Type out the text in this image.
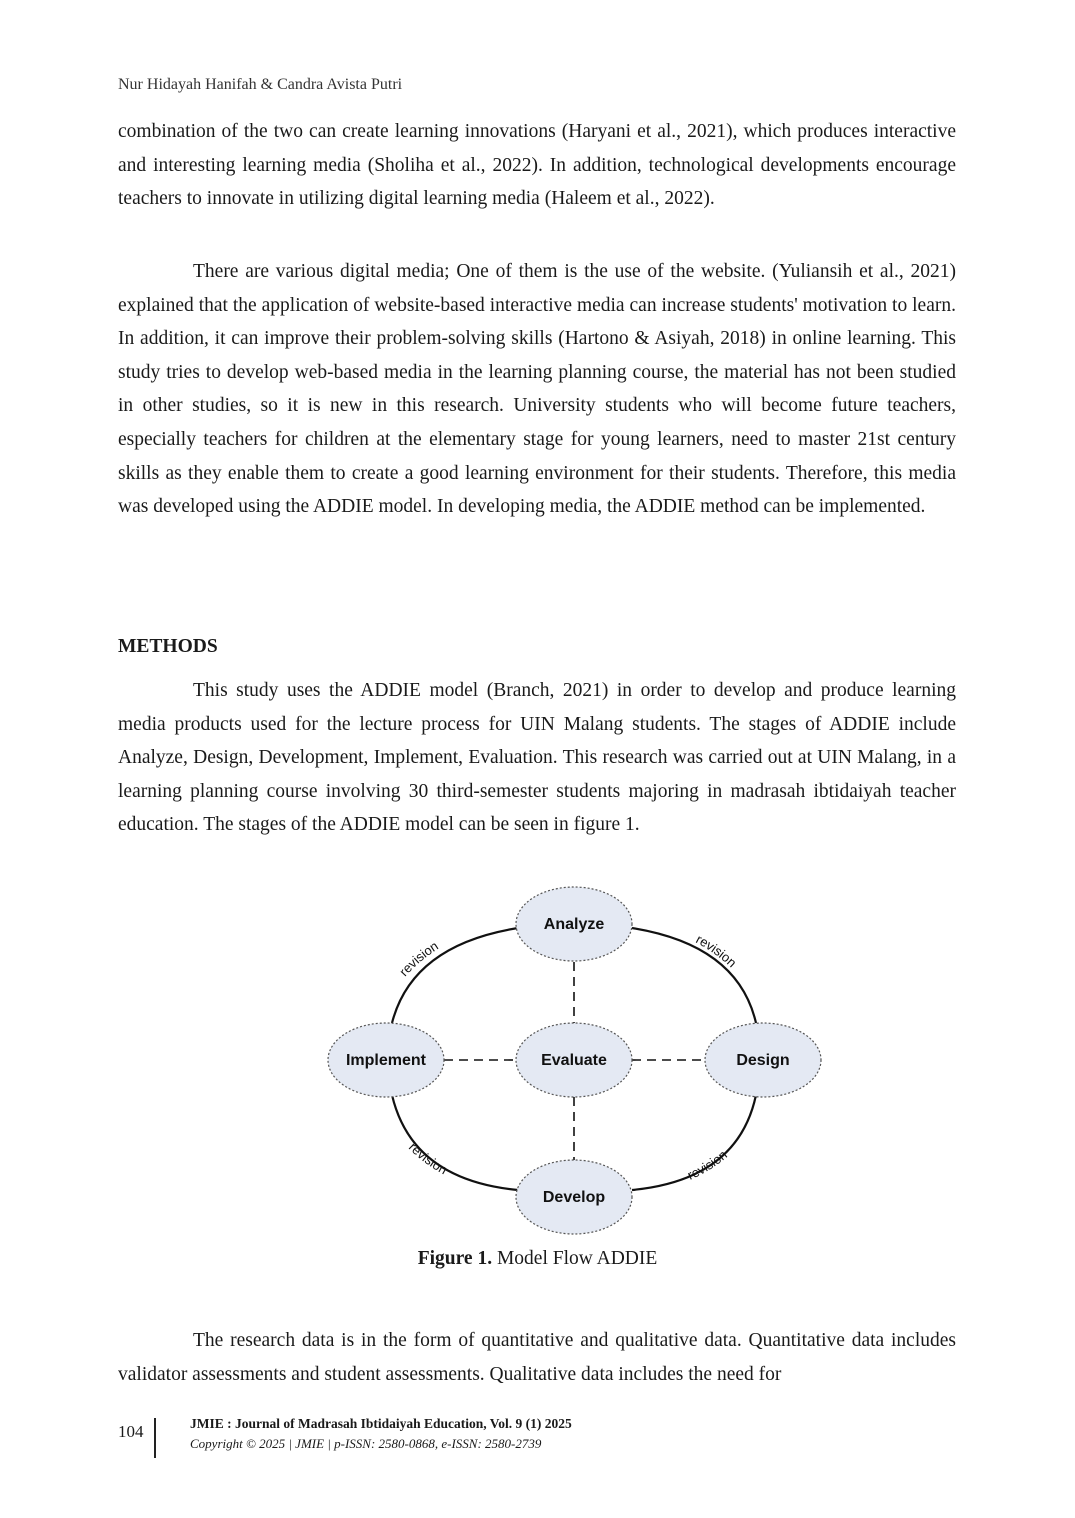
Nur Hidayah Hanifah & Candra Avista Putri

combination of the two can create learning innovations (Haryani et al., 2021), which produces interactive and interesting learning media (Sholiha et al., 2022). In addition, technological developments encourage teachers to innovate in utilizing digital learning media (Haleem et al., 2022).

There are various digital media; One of them is the use of the website. (Yuliansih et al., 2021) explained that the application of website-based interactive media can increase students' motivation to learn. In addition, it can improve their problem-solving skills (Hartono & Asiyah, 2018) in online learning. This study tries to develop web-based media in the learning planning course, the material has not been studied in other studies, so it is new in this research. University students who will become future teachers, especially teachers for children at the elementary stage for young learners, need to master 21st century skills as they enable them to create a good learning environment for their students. Therefore, this media was developed using the ADDIE model. In developing media, the ADDIE method can be implemented.

METHODS

This study uses the ADDIE model (Branch, 2021) in order to develop and produce learning media products used for the lecture process for UIN Malang students. The stages of ADDIE include Analyze, Design, Development, Implement, Evaluation. This research was carried out at UIN Malang, in a learning planning course involving 30 third-semester students majoring in madrasah ibtidaiyah teacher education. The stages of the ADDIE model can be seen in figure 1.

Analyze
Design
Develop
Implement	Evaluate
revision	revision
revision	revision
Figure 1. Model Flow ADDIE

The research data is in the form of quantitative and qualitative data. Quantitative data includes validator assessments and student assessments. Qualitative data includes the need for

104	JMIE : Journal of Madrasah Ibtidaiyah Education, Vol. 9 (1) 2025
Copyright © 2025 | JMIE | p-ISSN: 2580-0868, e-ISSN: 2580-2739
